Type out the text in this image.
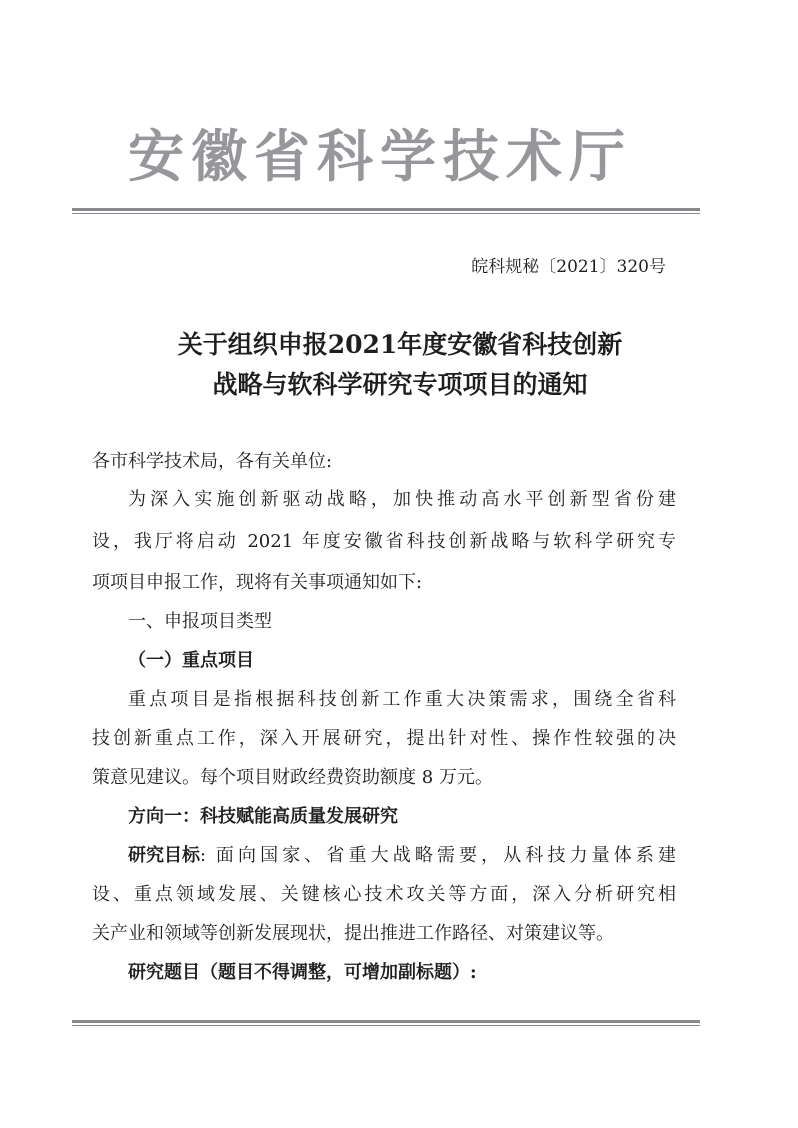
安徽省科学技术厅
皖科规秘〔2021〕320号
关于组织申报2021年度安徽省科技创新
战略与软科学研究专项项目的通知
各市科学技术局，各有关单位:
为深入实施创新驱动战略，加快推动高水平创新型省份建
设，我厅将启动 2021 年度安徽省科技创新战略与软科学研究专
项项目申报工作，现将有关事项通知如下:
一、申报项目类型
（一）重点项目
重点项目是指根据科技创新工作重大决策需求，围绕全省科
技创新重点工作，深入开展研究，提出针对性、操作性较强的决
策意见建议。每个项目财政经费资助额度 8 万元。
方向一：科技赋能高质量发展研究
研究目标 : 面向国家、省重大战略需要，从科技力量体系建
设、重点领域发展、关键核心技术攻关等方面，深入分析研究相
关产业和领域等创新发展现状，提出推进工作路径、对策建议等。
研究题目（题目不得调整，可增加副标题）:
